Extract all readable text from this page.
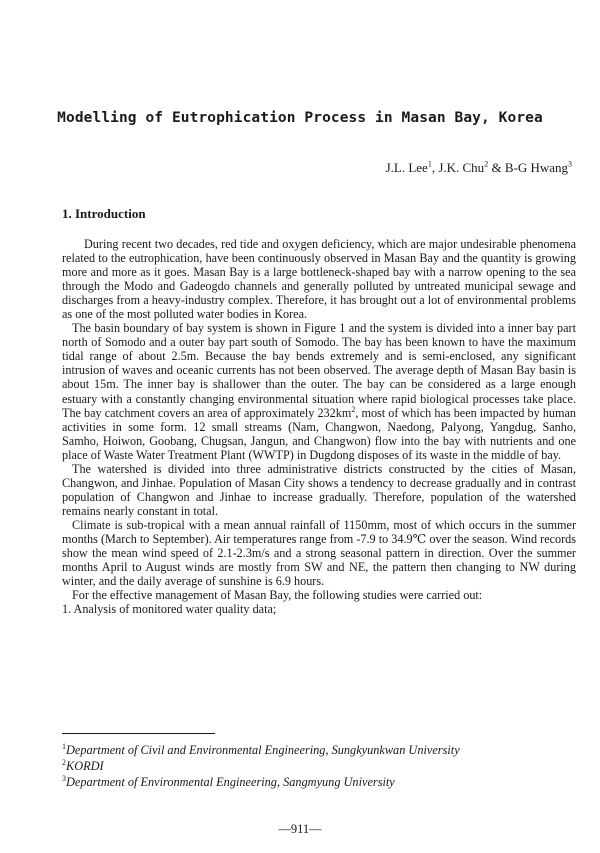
Modelling of Eutrophication Process in Masan Bay, Korea
J.L. Lee$^1$, J.K. Chu$^2$ & B-G Hwang$^3$
1. Introduction

During recent two decades, red tide and oxygen deficiency, which are major undesirable phenomena related to the eutrophication, have been continuously observed in Masan Bay and the quantity is growing more and more as it goes. Masan Bay is a large bottleneck-shaped bay with a narrow opening to the sea through the Modo and Gadeogdo channels and generally polluted by untreated municipal sewage and discharges from a heavy-industry complex. Therefore, it has brought out a lot of environmental problems as one of the most polluted water bodies in Korea.

The basin boundary of bay system is shown in Figure 1 and the system is divided into a inner bay part north of Somodo and a outer bay part south of Somodo. The bay has been known to have the maximum tidal range of about 2.5m. Because the bay bends extremely and is semi-enclosed, any significant intrusion of waves and oceanic currents has not been observed. The average depth of Masan Bay basin is about 15m. The inner bay is shallower than the outer. The bay can be considered as a large enough estuary with a constantly changing environmental situation where rapid biological processes take place. The bay catchment covers an area of approximately $232km^2$, most of which has been impacted by human activities in some form. 12 small streams (Nam, Changwon, Naedong, Palyong, Yangdug, Sanho, Samho, Hoiwon, Goobang, Chugsan, Jangun, and Changwon) flow into the bay with nutrients and one place of Waste Water Treatment Plant (WWTP) in Dugdong disposes of its waste in the middle of bay.

The watershed is divided into three administrative districts constructed by the cities of Masan, Changwon, and Jinhae. Population of Masan City shows a tendency to decrease gradually and in contrast population of Changwon and Jinhae to increase gradually. Therefore, population of the watershed remains nearly constant in total.

Climate is sub-tropical with a mean annual rainfall of 1150mm, most of which occurs in the summer months (March to September). Air temperatures range from -7.9 to 34.9℃ over the season. Wind records show the mean wind speed of 2.1-2.3m/s and a strong seasonal pattern in direction. Over the summer months April to August winds are mostly from SW and NE, the pattern then changing to NW during winter, and the daily average of sunshine is 6.9 hours.

For the effective management of Masan Bay, the following studies were carried out:

1. Analysis of monitored water quality data;

$^1$Department of Civil and Environmental Engineering, Sungkyunkwan University
$^2$KORDI
$^3$Department of Environmental Engineering, Sangmyung University
—911—
